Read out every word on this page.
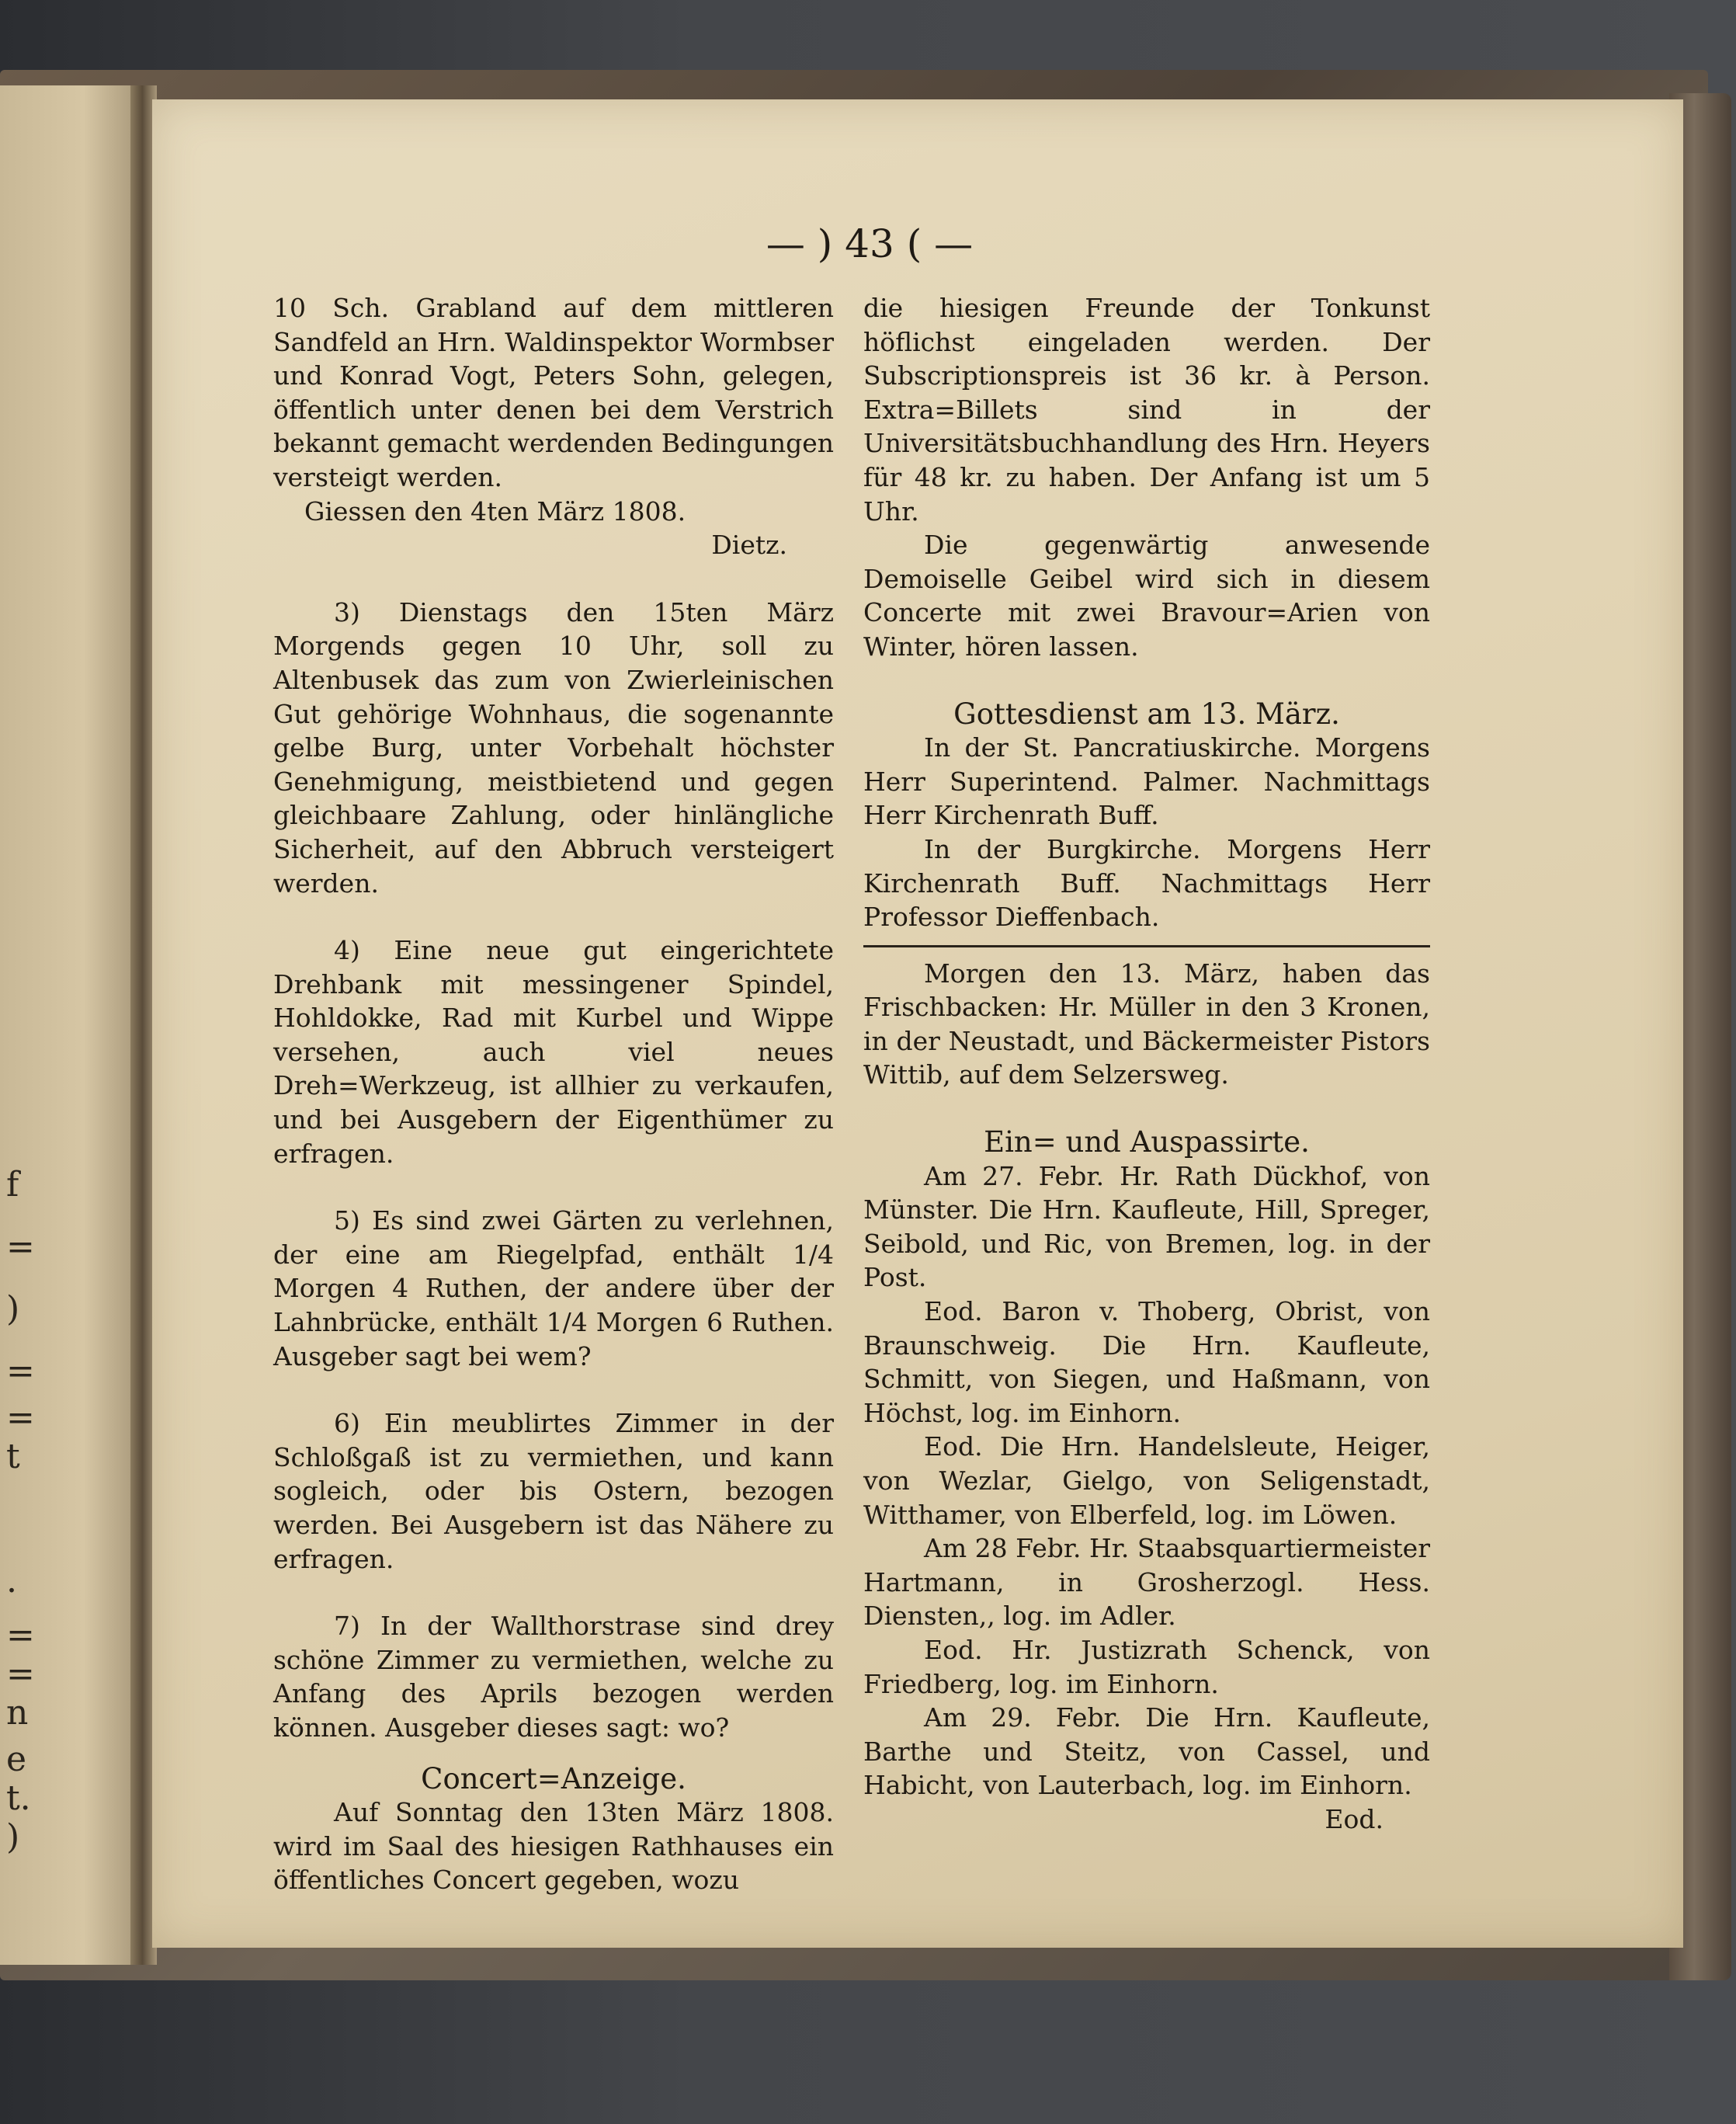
f
=
)
=
=
t
.
=
=
n
e
t.
)
— ) 43 ( —

10 Sch. Grabland auf dem mittleren Sandfeld an Hrn. Waldinspektor Wormbser und Konrad Vogt, Peters Sohn, gelegen, öffentlich unter denen bei dem Verstrich bekannt gemacht werdenden Bedingungen versteigt werden.

Giessen den 4ten März 1808.

Dietz.

3) Dienstags den 15ten März Morgends gegen 10 Uhr, soll zu Altenbusek das zum von Zwierleinischen Gut gehörige Wohnhaus, die sogenannte gelbe Burg, unter Vorbehalt höchster Genehmigung, meistbietend und gegen gleichbaare Zahlung, oder hinlängliche Sicherheit, auf den Abbruch versteigert werden.

4) Eine neue gut eingerichtete Drehbank mit messingener Spindel, Hohldokke, Rad mit Kurbel und Wippe versehen, auch viel neues Dreh=Werkzeug, ist allhier zu verkaufen, und bei Ausgebern der Eigenthümer zu erfragen.

5) Es sind zwei Gärten zu verlehnen, der eine am Riegelpfad, enthält 1/4 Morgen 4 Ruthen, der andere über der Lahnbrücke, enthält 1/4 Morgen 6 Ruthen. Ausgeber sagt bei wem?

6) Ein meublirtes Zimmer in der Schloßgaß ist zu vermiethen, und kann sogleich, oder bis Ostern, bezogen werden. Bei Ausgebern ist das Nähere zu erfragen.

7) In der Wallthorstrase sind drey schöne Zimmer zu vermiethen, welche zu Anfang des Aprils bezogen werden können. Ausgeber dieses sagt: wo?

Concert=Anzeige.

Auf Sonntag den 13ten März 1808. wird im Saal des hiesigen Rathhauses ein öffentliches Concert gegeben, wozu

die hiesigen Freunde der Tonkunst höflichst eingeladen werden. Der Subscriptionspreis ist 36 kr. à Person. Extra=Billets sind in der Universitätsbuchhandlung des Hrn. Heyers für 48 kr. zu haben. Der Anfang ist um 5 Uhr.

Die gegenwärtig anwesende Demoiselle Geibel wird sich in diesem Concerte mit zwei Bravour=Arien von Winter, hören lassen.

Gottesdienst am 13. März.

In der St. Pancratiuskirche. Morgens Herr Superintend. Palmer. Nachmittags Herr Kirchenrath Buff.

In der Burgkirche. Morgens Herr Kirchenrath Buff. Nachmittags Herr Professor Dieffenbach.

Morgen den 13. März, haben das Frischbacken: Hr. Müller in den 3 Kronen, in der Neustadt, und Bäckermeister Pistors Wittib, auf dem Selzersweg.

Ein= und Auspassirte.

Am 27. Febr. Hr. Rath Dückhof, von Münster. Die Hrn. Kaufleute, Hill, Spreger, Seibold, und Ric, von Bremen, log. in der Post.

Eod. Baron v. Thoberg, Obrist, von Braunschweig. Die Hrn. Kaufleute, Schmitt, von Siegen, und Haßmann, von Höchst, log. im Einhorn.

Eod. Die Hrn. Handelsleute, Heiger, von Wezlar, Gielgo, von Seligenstadt, Witthamer, von Elberfeld, log. im Löwen.

Am 28 Febr. Hr. Staabsquartiermeister Hartmann, in Grosherzogl. Hess. Diensten,, log. im Adler.

Eod. Hr. Justizrath Schenck, von Friedberg, log. im Einhorn.

Am 29. Febr. Die Hrn. Kaufleute, Barthe und Steitz, von Cassel, und Habicht, von Lauterbach, log. im Einhorn.

Eod.
